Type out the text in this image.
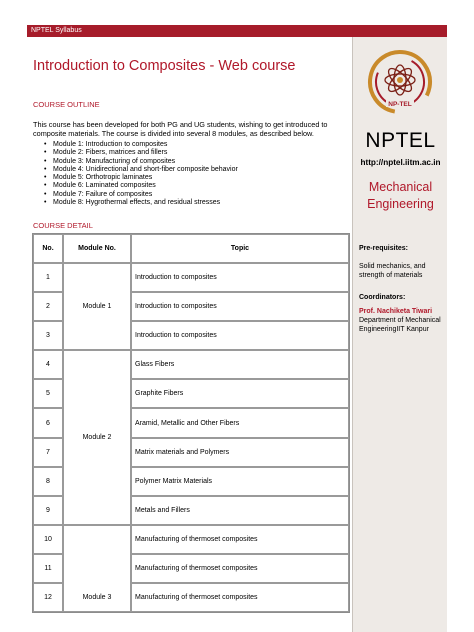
NPTEL Syllabus
Introduction to Composites - Web course
COURSE OUTLINE
This course has been developed for both PG and UG students, wishing to get introduced to composite materials. The course is divided into several 8 modules, as described below.
• Module 1: Introduction to composites
• Module 2: Fibers, matrices and fillers
• Module 3: Manufacturing of composites
• Module 4: Unidirectional and short-fiber composite behavior
• Module 5: Orthotropic laminates
• Module 6: Laminated composites
• Module 7: Failure of composites
• Module 8: Hygrothermal effects, and residual stresses
COURSE DETAIL
No.	Module No.	Topic
1	Module 1	Introduction to composites
2		Introduction to composites
3		Introduction to composites
4	Module 2	Glass Fibers
5		Graphite Fibers
6		Aramid, Metallic and Other Fibers
7		Matrix materials and Polymers
8		Polymer Matrix Materials
9		Metals and Fillers
10	Module 3	Manufacturing of thermoset composites
11		Manufacturing of thermoset composites
12		Manufacturing of thermoset composites
NP-TEL
NPTEL
http://nptel.iitm.ac.in
Mechanical
Engineering
Pre-requisites:
Solid mechanics, and strength of materials
Coordinators:
Prof. Nachiketa Tiwari
Department of Mechanical EngineeringIIT Kanpur
